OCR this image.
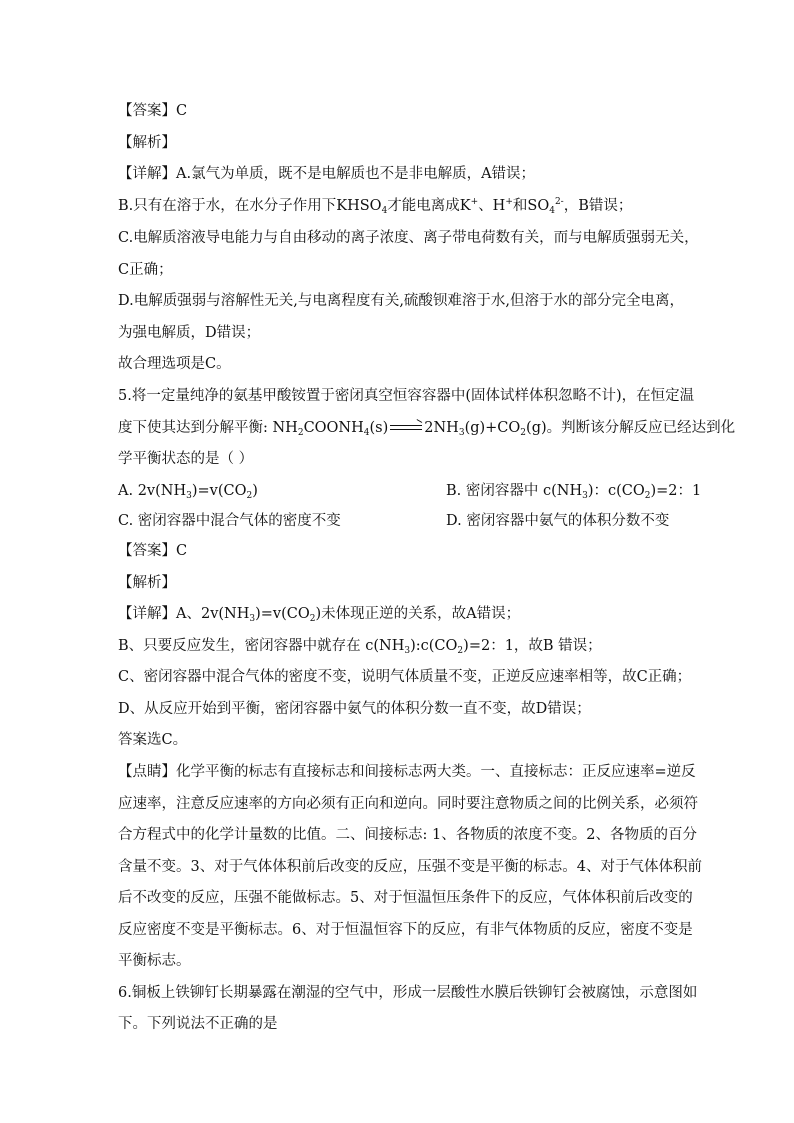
【答案】C
【解析】
【详解】A.氯气为单质，既不是电解质也不是非电解质，A错误；
B.只有在溶于水，在水分子作用下$KHSO_4$才能电离成K+、H+和$SO_4^{2-}$，B错误；
C.电解质溶液导电能力与自由移动的离子浓度、离子带电荷数有关，而与电解质强弱无关，
C正确；
D.电解质强弱与溶解性无关,与电离程度有关,硫酸钡难溶于水,但溶于水的部分完全电离，
为强电解质，D错误；
故合理选项是C。
5.将一定量纯净的氨基甲酸铵置于密闭真空恒容容器中(固体试样体积忽略不计)，在恒定温
度下使其达到分解平衡: $NH_2COONH_4(s)$ $2NH_3(g)+CO_2(g)$。判断该分解反应已经达到化
学平衡状态的是（ ）
A. $2v(NH_3)=v(CO_2)$	B. 密闭容器中 $c(NH_3)$：$c(CO_2)=2$：1
C. 密闭容器中混合气体的密度不变	D. 密闭容器中氨气的体积分数不变
【答案】C
【解析】
【详解】A、$2v(NH_3)=v(CO_2)$未体现正逆的关系，故A错误；
B、只要反应发生，密闭容器中就存在 $c(NH_3):c(CO_2)=2$：1，故B 错误；
C、密闭容器中混合气体的密度不变，说明气体质量不变，正逆反应速率相等，故C正确；
D、从反应开始到平衡，密闭容器中氨气的体积分数一直不变，故D错误；
答案选C。
【点睛】化学平衡的标志有直接标志和间接标志两大类。一、直接标志：正反应速率=逆反
应速率，注意反应速率的方向必须有正向和逆向。同时要注意物质之间的比例关系，必须符
合方程式中的化学计量数的比值。二、间接标志: 1、各物质的浓度不变。2、各物质的百分
含量不变。3、对于气体体积前后改变的反应，压强不变是平衡的标志。4、对于气体体积前
后不改变的反应，压强不能做标志。5、对于恒温恒压条件下的反应，气体体积前后改变的
反应密度不变是平衡标志。6、对于恒温恒容下的反应，有非气体物质的反应，密度不变是
平衡标志。
6.铜板上铁铆钉长期暴露在潮湿的空气中，形成一层酸性水膜后铁铆钉会被腐蚀，示意图如
下。下列说法不正确的是
